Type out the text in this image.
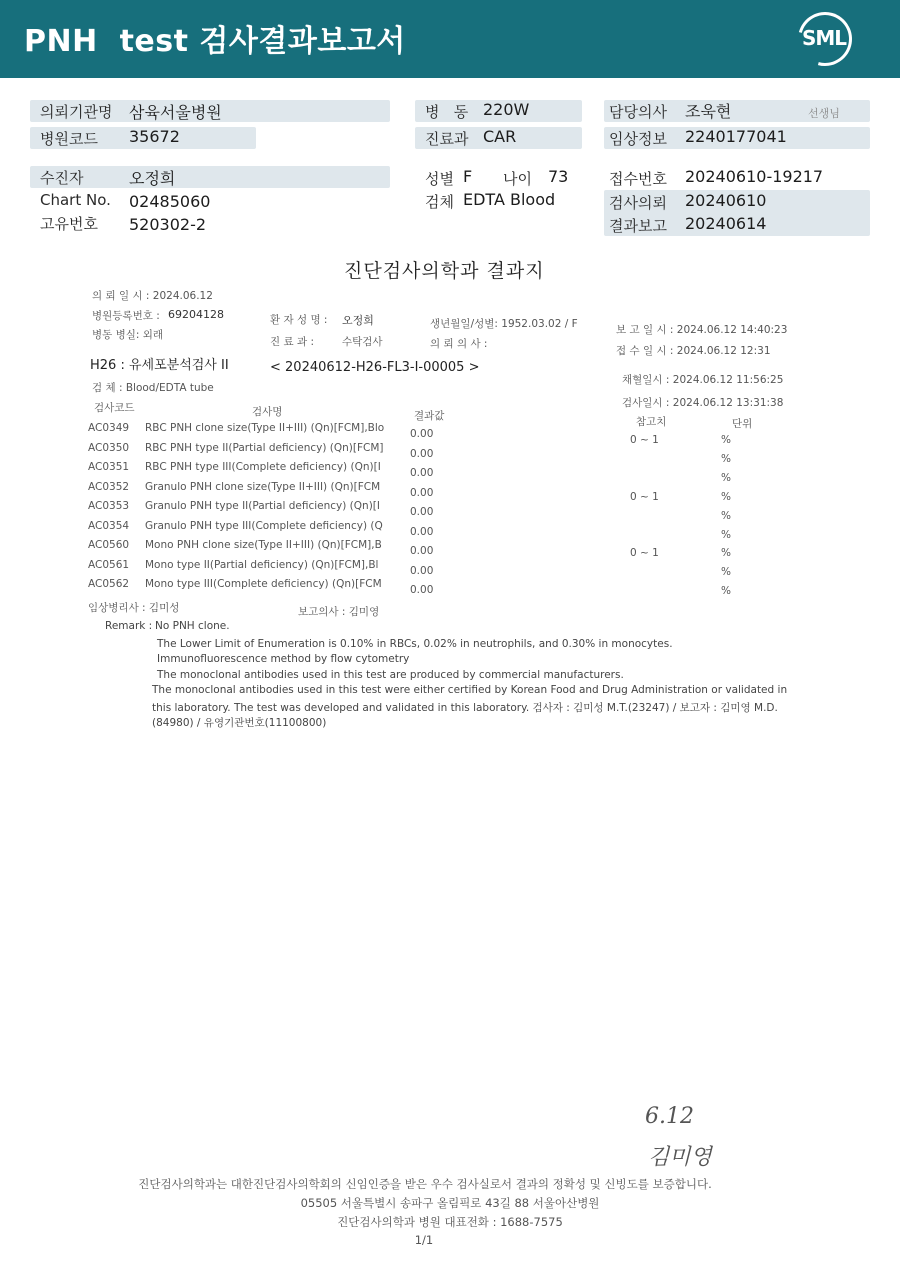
PNH  test 검사결과보고서	SML
의뢰기관명 삼육서울병원
병원코드 35672
병   동 220W
진료과 CAR
담당의사 조욱현	선생님
임상정보 2240177041
수진자	오정희
Chart No. 02485060
고유번호 520302-2
성별 F 나이 73
검체 EDTA Blood
접수번호 20240610-19217
검사의뢰 20240610
결과보고 20240614
진단검사의학과 결과지
의 뢰 일 시 : 2024.06.12
병원등록번호 : 69204128
병동 병실: 외래
환 자 성 명 : 오정희
진 료 과 :	수탁검사
생년월일/성별: 1952.03.02 / F
의 뢰 의 사 :
보 고 일 시 : 2024.06.12 14:40:23
접 수 일 시 : 2024.06.12 12:31
채혈일시 : 2024.06.12 11:56:25
검사일시 : 2024.06.12 13:31:38
H26 : 유세포분석검사 II	< 20240612-H26-FL3-I-00005 >
검 체 : Blood/EDTA tube
검사코드	검사명	결과값	참고치	단위
AC0349 RBC PNH clone size(Type II+III) (Qn)[FCM],Blo 0.00	0 ~ 1	%
AC0350 RBC PNH type II(Partial deficiency) (Qn)[FCM]	0.00	%
AC0351 RBC PNH type III(Complete deficiency) (Qn)[I	0.00	%
AC0352 Granulo PNH clone size(Type II+III) (Qn)[FCM	0.00	0 ~ 1	%
AC0353 Granulo PNH type II(Partial deficiency) (Qn)[I	0.00	%
AC0354 Granulo PNH type III(Complete deficiency) (Q	0.00	%
AC0560 Mono PNH clone size(Type II+III) (Qn)[FCM],B	0.00	0 ~ 1	%
AC0561 Mono type II(Partial deficiency) (Qn)[FCM],Bl	0.00	%
AC0562 Mono type III(Complete deficiency) (Qn)[FCM	0.00	%
임상병리사 : 김미성	보고의사 : 김미영
Remark : No PNH clone.
The Lower Limit of Enumeration is 0.10% in RBCs, 0.02% in neutrophils, and 0.30% in monocytes.
Immunofluorescence method by flow cytometry
The monoclonal antibodies used in this test are produced by commercial manufacturers.
The monoclonal antibodies used in this test were either certified by Korean Food and Drug Administration or validated in
this laboratory. The test was developed and validated in this laboratory. 검사자 : 김미성 M.T.(23247) / 보고자 : 김미영 M.D.
(84980) / 유영기관번호(11100800)
6.12
김미영
진단검사의학과는 대한진단검사의학회의 신임인증을 받은 우수 검사실로서 결과의 정확성 및 신빙도를 보증합니다.
05505 서울특별시 송파구 올림픽로 43길 88 서울아산병원
진단검사의학과 병원 대표전화 : 1688-7575
1/1
